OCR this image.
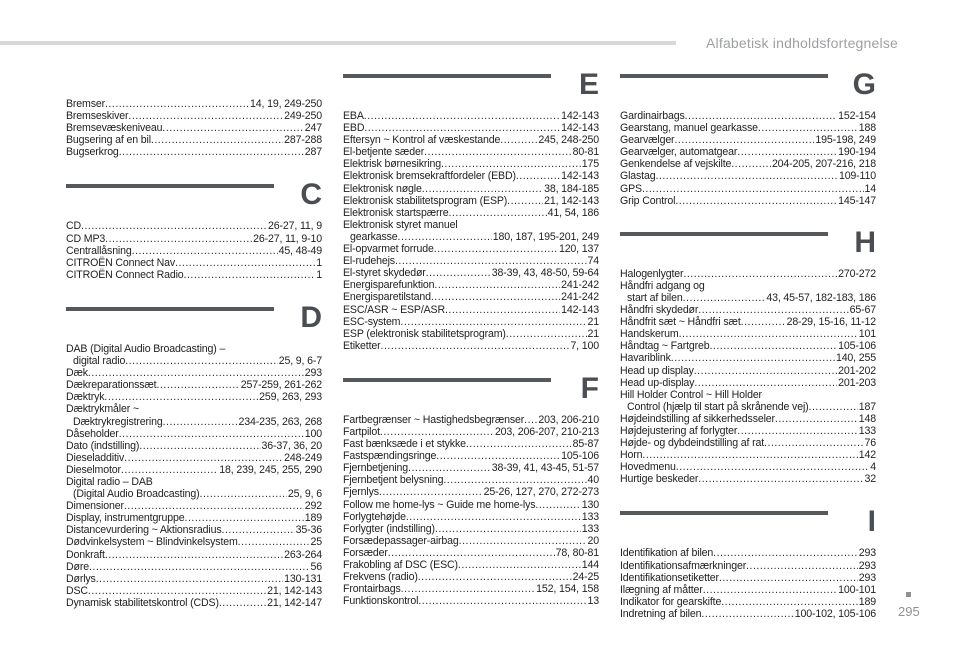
Alfabetisk indholdsfortegnelse
Bremser .....	14, 19, 249-250
Bremseskiver .....	249-250
Bremsevæskeniveau .....	247
Bugsering af en bil .....	287-288
Bugserkrog .....	287
C
CD .....	26-27, 11, 9
CD MP3 .....	26-27, 11, 9-10
Centrallåsning .....	45, 48-49
CITROËN Connect Nav .....	1
CITROËN Connect Radio .....	1
D
DAB (Digital Audio Broadcasting) –
digital radio .....	25, 9, 6-7
Dæk .....	293
Dækreparationssæt .....	257-259, 261-262
Dæktryk .....	259, 263, 293
Dæktrykmåler ~
Dæktrykregistrering .....	234-235, 263, 268
Dåseholder .....	100
Dato (indstilling) .....	36-37, 36, 20
Dieseladditiv .....	248-249
Dieselmotor .....	18, 239, 245, 255, 290
Digital radio – DAB
(Digital Audio Broadcasting) .....	25, 9, 6
Dimensioner .....	292
Display, instrumentgruppe .....	189
Distancevurdering ~ Aktionsradius .....	35-36
Dødvinkelsystem ~ Blindvinkelsystem .....	25
Donkraft .....	263-264
Døre .....	56
Dørlys .....	130-131
DSC .....	21, 142-143
Dynamisk stabilitetskontrol (CDS) .....	21, 142-147
E
EBA .....	142-143
EBD .....	142-143
Eftersyn ~ Kontrol af væskestande .....	245, 248-250
El-betjente sæder .....	80-81
Elektrisk børnesikring .....	175
Elektronisk bremsekraftfordeler (EBD) .....	142-143
Elektronisk nøgle .....	38, 184-185
Elektronisk stabilitetsprogram (ESP) .....	21, 142-143
Elektronisk startspærre .....	41, 54, 186
Elektronisk styret manuel
gearkasse .....	180, 187, 195-201, 249
El-opvarmet forrude .....	120, 137
El-rudehejs .....	74
El-styret skydedør .....	38-39, 43, 48-50, 59-64
Energisparefunktion .....	241-242
Energisparetilstand .....	241-242
ESC/ASR ~ ESP/ASR .....	142-143
ESC-system .....	21
ESP (elektronisk stabilitetsprogram) .....	21
Etiketter .....	7, 100
F
Fartbegrænser ~ Hastighedsbegrænser ..... 203, 206-210
Fartpilot .....	203, 206-207, 210-213
Fast bænksæde i et stykke .....	85-87
Fastspændingsringe .....	105-106
Fjernbetjening .....	38-39, 41, 43-45, 51-57
Fjernbetjent belysning .....	40
Fjernlys .....	25-26, 127, 270, 272-273
Follow me home-lys ~ Guide me home-lys .....	130
Forlygtehøjde .....	133
Forlygter (indstilling) .....	133
Forsædepassager-airbag .....	20
Forsæder .....	78, 80-81
Frakobling af DSC (ESC) .....	144
Frekvens (radio) .....	24-25
Frontairbags .....	152, 154, 158
Funktionskontrol .....	13
G
Gardinairbags .....	152-154
Gearstang, manuel gearkasse .....	188
Gearvælger .....	195-198, 249
Gearvælger, automatgear .....	190-194
Genkendelse af vejskilte .....	204-205, 207-216, 218
Glastag .....	109-110
GPS .....	14
Grip Control .....	145-147
H
Halogenlygter .....	270-272
Håndfri adgang og
start af bilen .....	43, 45-57, 182-183, 186
Håndfri skydedør .....	65-67
Håndfrit sæt ~ Håndfri sæt .....	28-29, 15-16, 11-12
Handskerum .....	101
Håndtag ~ Fartgreb .....	105-106
Havariblink .....	140, 255
Head up display .....	201-202
Head up-display .....	201-203
Hill Holder Control ~ Hill Holder
Control (hjælp til start på skrånende vej) .....	187
Højdeindstilling af sikkerhedsseler .....	148
Højdejustering af forlygter .....	133
Højde- og dybdeindstilling af rat .....	76
Horn .....	142
Hovedmenu .....	4
Hurtige beskeder .....	32
I
Identifikation af bilen .....	293
Identifikationsafmærkninger .....	293
Identifikationsetiketter .....	293
Ilægning af måtter .....	100-101
Indikator for gearskifte .....	189
Indretning af bilen .....	100-102, 105-106 295
